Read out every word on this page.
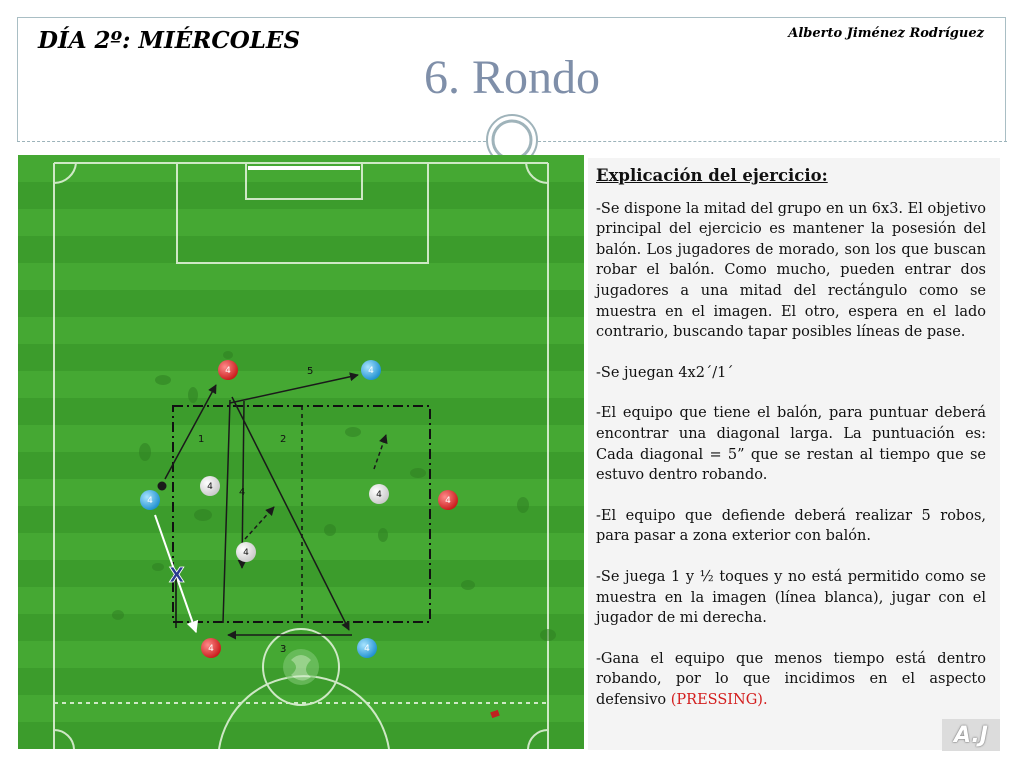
DÍA 2º: MIÉRCOLES	Alberto Jiménez Rodríguez
6. Rondo
5
1	2
4
3
X
4	4
4
4
4
4
4
4	4
Explicación del ejercicio:

-Se dispone la mitad del grupo en un 6x3. El objetivo principal del ejercicio es mantener la posesión del balón. Los jugadores de morado, son los que buscan robar el balón. Como mucho, pueden entrar dos jugadores a una mitad del rectángulo como se muestra en el imagen. El otro, espera en el lado contrario, buscando tapar posibles líneas de pase.

-Se juegan 4x2´/1´

-El equipo que tiene el balón, para puntuar deberá encontrar una diagonal larga. La puntuación es: Cada diagonal = 5” que se restan al tiempo que se estuvo dentro robando.

-El equipo que defiende deberá realizar 5 robos, para pasar a zona exterior con balón.

-Se juega 1 y ½ toques y no está permitido como se muestra en la imagen (línea blanca), jugar con el jugador de mi derecha.

-Gana el equipo que menos tiempo está dentro robando, por lo que incidimos en el aspecto defensivo (PRESSING).

A.J
